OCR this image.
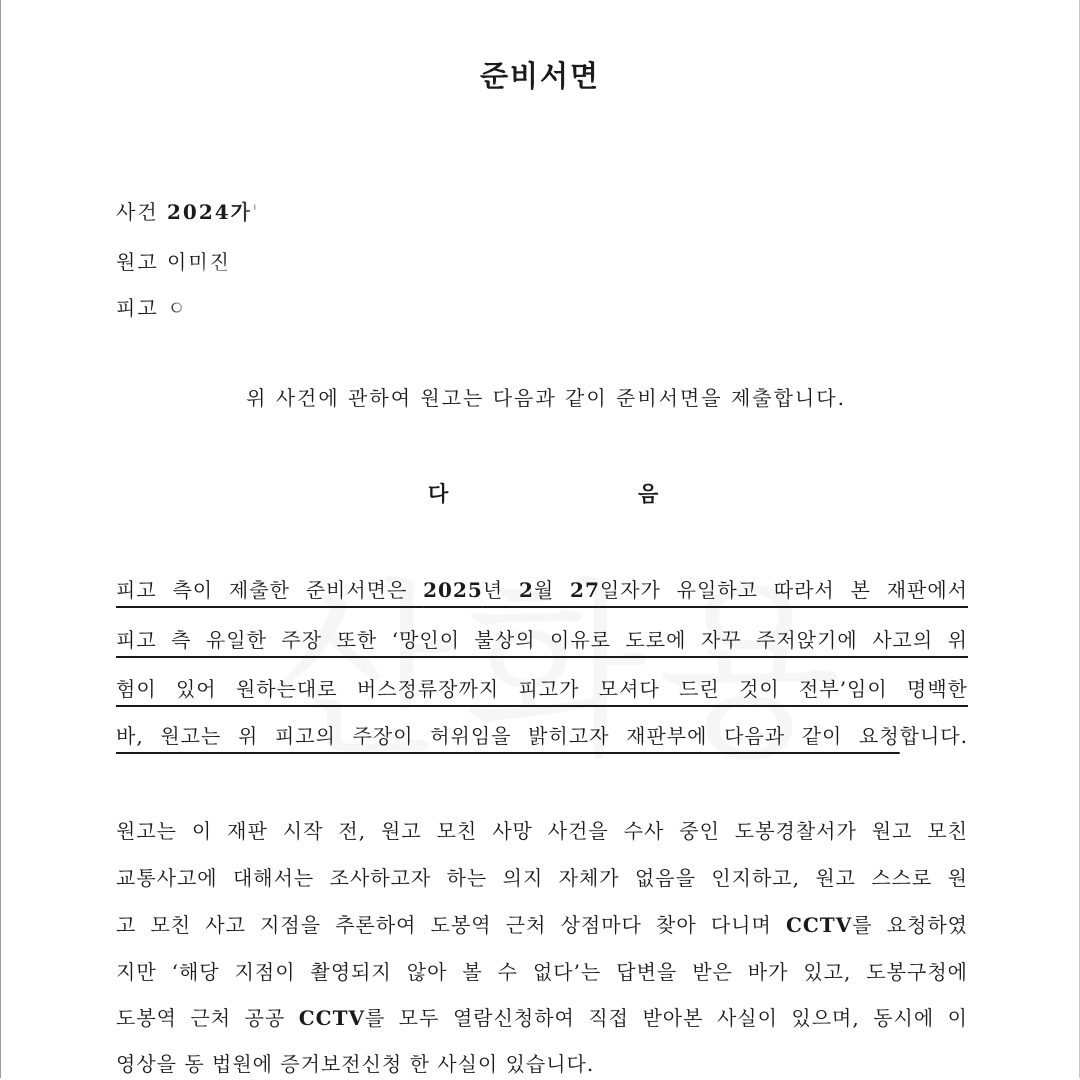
준비서면
사건 2024가'
원고 이미진
피고 ㅇ
위 사건에 관하여 원고는 다음과 같이 준비서면을 제출합니다.
다	음
피고 측이 제출한 준비서면은 2025년 2월 27일자가 유일하고 따라서 본 재판에서
피고 측 유일한 주장 또한 ‘망인이 불상의 이유로 도로에 자꾸 주저앉기에 사고의 위
험이 있어 원하는대로 버스정류장까지 피고가 모셔다 드린 것이 전부’임이 명백한
바, 원고는 위 피고의 주장이 허위임을 밝히고자 재판부에 다음과 같이 요청합니다.
원고는 이 재판 시작 전, 원고 모친 사망 사건을 수사 중인 도봉경찰서가 원고 모친
교통사고에 대해서는 조사하고자 하는 의지 자체가 없음을 인지하고, 원고 스스로 원
고 모친 사고 지점을 추론하여 도봉역 근처 상점마다 찾아 다니며 CCTV를 요청하였
지만 ‘해당 지점이 촬영되지 않아 볼 수 없다’는 답변을 받은 바가 있고, 도봉구청에
도봉역 근처 공공 CCTV를 모두 열람신청하여 직접 받아본 사실이 있으며, 동시에 이
영상을 동 법원에 증거보전신청 한 사실이 있습니다.
